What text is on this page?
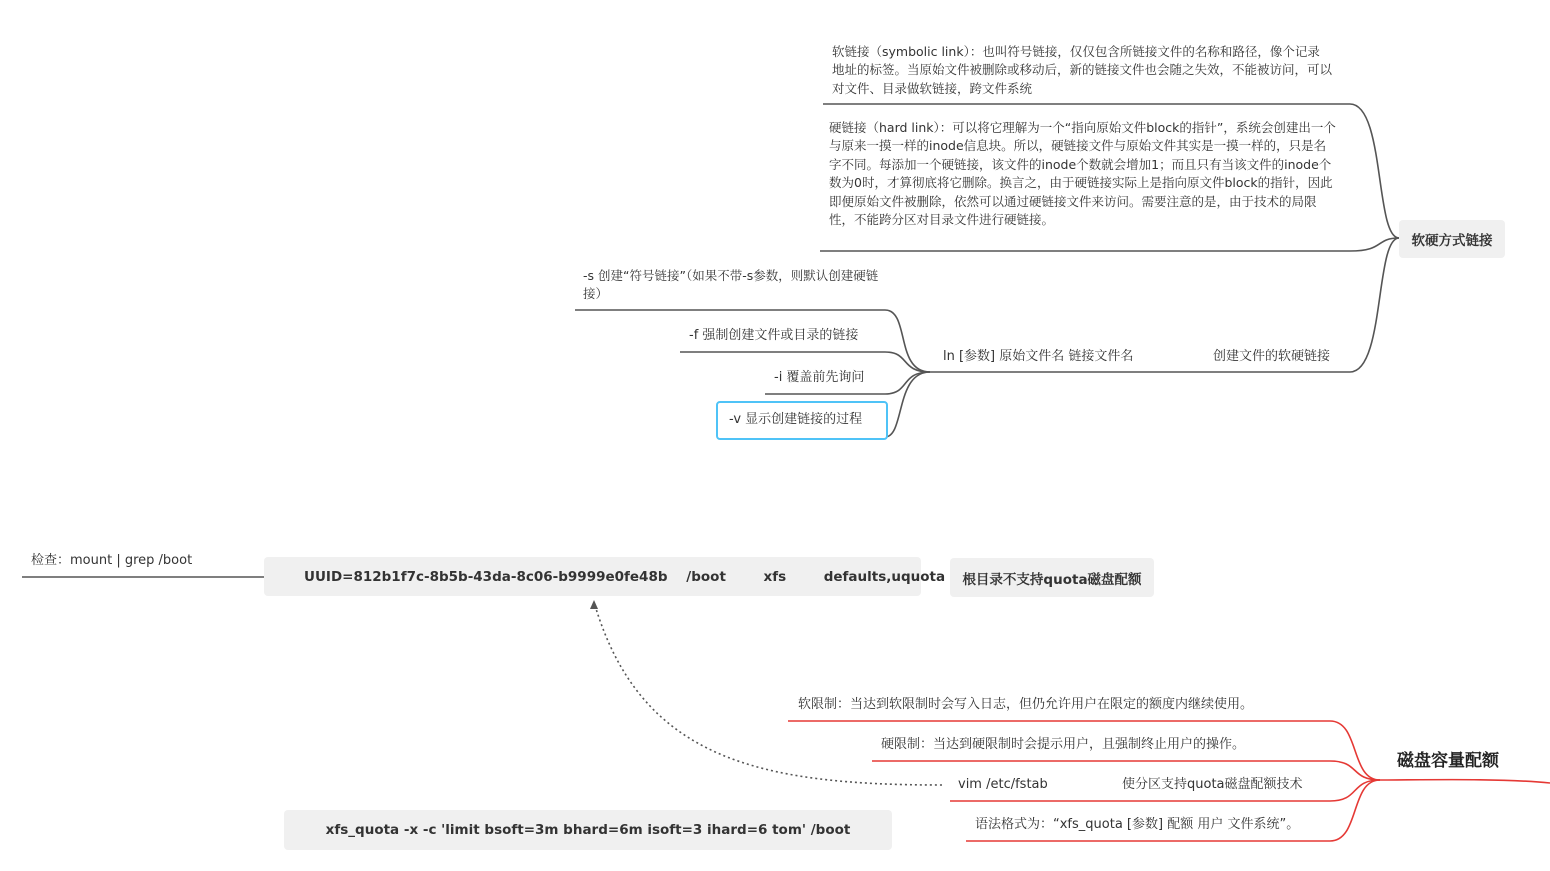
软链接（symbolic link）：也叫符号链接，仅仅包含所链接文件的名称和路径，像个记录地址的标签。当原始文件被删除或移动后，新的链接文件也会随之失效，不能被访问，可以对文件、目录做软链接，跨文件系统
硬链接（hard link）：可以将它理解为一个“指向原始文件block的指针”，系统会创建出一个与原来一摸一样的inode信息块。所以，硬链接文件与原始文件其实是一摸一样的，只是名字不同。每添加一个硬链接，该文件的inode个数就会增加1；而且只有当该文件的inode个数为0时，才算彻底将它删除。换言之，由于硬链接实际上是指向原文件block的指针，因此即便原始文件被删除，依然可以通过硬链接文件来访问。需要注意的是，由于技术的局限性，不能跨分区对目录文件进行硬链接。
软硬方式链接
创建文件的软硬链接
ln [参数] 原始文件名 链接文件名
-s 创建“符号链接”（如果不带-s参数，则默认创建硬链接）
-f 强制创建文件或目录的链接
-i 覆盖前先询问
-v 显示创建链接的过程
检查：mount | grep /boot
UUID=812b1f7c-8b5b-43da-8c06-b9999e0fe48b    /boot        xfs        defaults,uquota	根目录不支持quota磁盘配额
软限制：当达到软限制时会写入日志，但仍允许用户在限定的额度内继续使用。
硬限制：当达到硬限制时会提示用户，且强制终止用户的操作。
vim /etc/fstab	使分区支持quota磁盘配额技术
语法格式为：“xfs_quota [参数] 配额 用户 文件系统”。
磁盘容量配额
xfs_quota -x -c 'limit bsoft=3m bhard=6m isoft=3 ihard=6 tom' /boot
